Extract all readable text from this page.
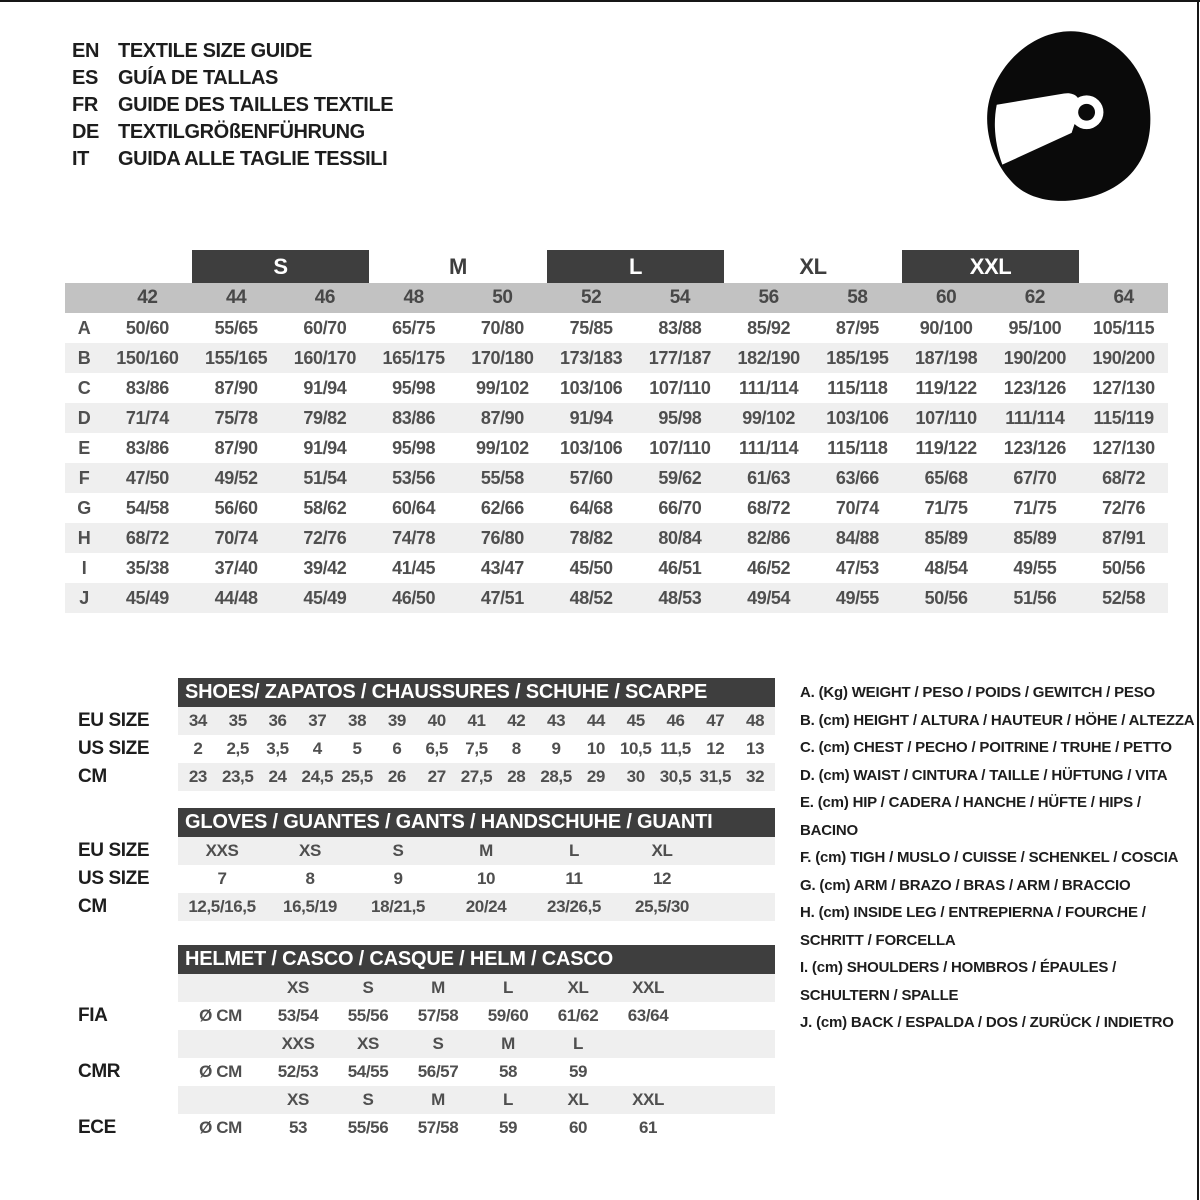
EN TEXTILE SIZE GUIDE
ES	GUÍA DE TALLAS
FR	GUIDE DES TAILLES TEXTILE
DE TEXTILGRÖßENFÜHRUNG
IT	GUIDA ALLE TAGLIE TESSILI
S	M	L	XL	XXL
42	44	46	48	50	52	54	56	58	60	62	64
A	50/60	55/65	60/70	65/75	70/80	75/85	83/88	85/92	87/95	90/100	95/100	105/115
B	150/160	155/165	160/170	165/175	170/180	173/183	177/187	182/190	185/195	187/198	190/200	190/200
C	83/86	87/90	91/94	95/98	99/102	103/106	107/110	111/114	115/118	119/122	123/126	127/130
D	71/74	75/78	79/82	83/86	87/90	91/94	95/98	99/102	103/106	107/110	111/114	115/119
E	83/86	87/90	91/94	95/98	99/102	103/106	107/110	111/114	115/118	119/122	123/126	127/130
F	47/50	49/52	51/54	53/56	55/58	57/60	59/62	61/63	63/66	65/68	67/70	68/72
G	54/58	56/60	58/62	60/64	62/66	64/68	66/70	68/72	70/74	71/75	71/75	72/76
H	68/72	70/74	72/76	74/78	76/80	78/82	80/84	82/86	84/88	85/89	85/89	87/91
I	35/38	37/40	39/42	41/45	43/47	45/50	46/51	46/52	47/53	48/54	49/55	50/56
J	45/49	44/48	45/49	46/50	47/51	48/52	48/53	49/54	49/55	50/56	51/56	52/58
SHOES/ ZAPATOS / CHAUSSURES / SCHUHE / SCARPE
EU SIZE	34	35	36	37	38	39	40	41	42	43	44	45	46	47	48
US SIZE	2	2,5	3,5	4	5	6	6,5	7,5	8	9	10 10,5 11,5 12	13
CM	23 23,5 24 24,5 25,5 26	27 27,5 28 28,5 29	30 30,5 31,5 32
GLOVES / GUANTES / GANTS / HANDSCHUHE / GUANTI
EU SIZE	XXS	XS	S	M	L	XL
US SIZE	7	8	9	10	11	12
CM	12,5/16,5	16,5/19	18/21,5	20/24	23/26,5	25,5/30
HELMET / CASCO / CASQUE / HELM / CASCO
XS	S	M	L	XL	XXL
FIA	Ø CM	53/54	55/56	57/58	59/60	61/62	63/64
XXS	XS	S	M	L
CMR	Ø CM	52/53	54/55	56/57	58	59
XS	S	M	L	XL	XXL
ECE	Ø CM	53	55/56	57/58	59	60	61
A. (Kg) WEIGHT / PESO / POIDS / GEWITCH / PESO
B. (cm) HEIGHT / ALTURA / HAUTEUR / HÖHE / ALTEZZA
C. (cm) CHEST / PECHO / POITRINE / TRUHE / PETTO
D. (cm) WAIST / CINTURA / TAILLE / HÜFTUNG / VITA
E. (cm) HIP / CADERA / HANCHE / HÜFTE / HIPS / BACINO
F. (cm) TIGH / MUSLO / CUISSE / SCHENKEL / COSCIA
G. (cm) ARM / BRAZO / BRAS / ARM / BRACCIO
H. (cm) INSIDE LEG / ENTREPIERNA / FOURCHE /
SCHRITT / FORCELLA
I. (cm) SHOULDERS / HOMBROS / ÉPAULES /
SCHULTERN / SPALLE
J. (cm) BACK / ESPALDA / DOS / ZURÜCK / INDIETRO
